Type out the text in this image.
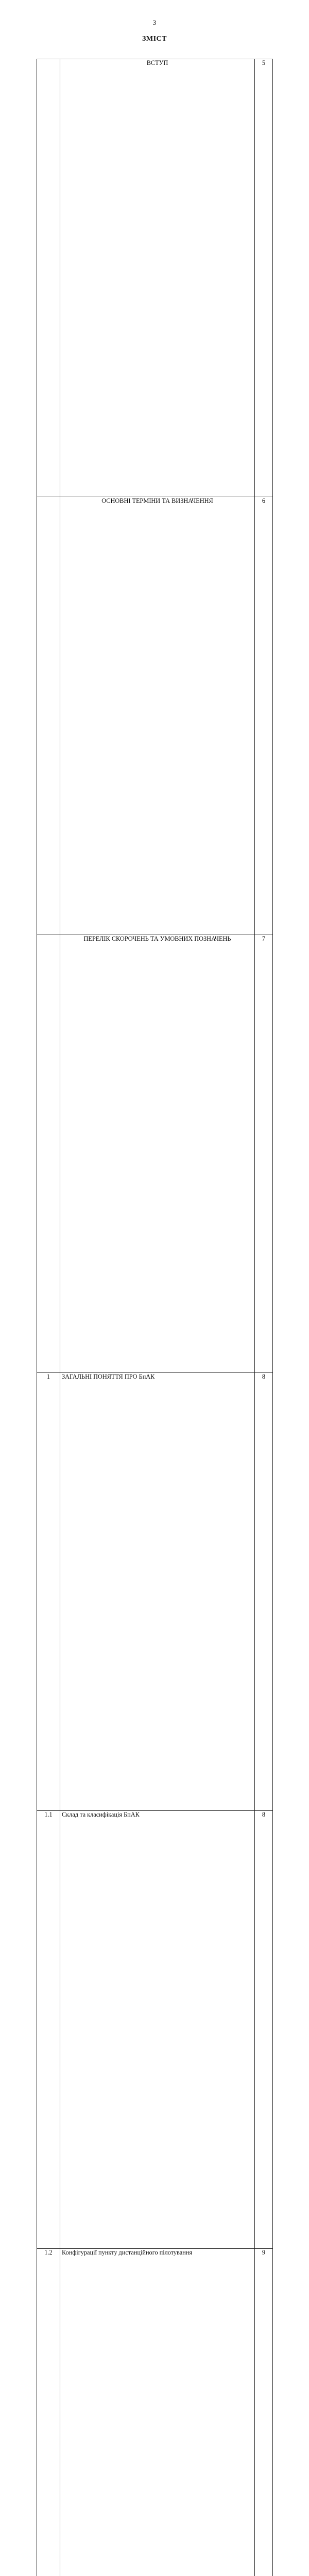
3
ЗМІСТ
	ВСТУП	5
	ОСНОВНІ ТЕРМІНИ ТА ВИЗНАЧЕННЯ	6
	ПЕРЕЛІК СКОРОЧЕНЬ ТА УМОВНИХ ПОЗНАЧЕНЬ	7
1	ЗАГАЛЬНІ ПОНЯТТЯ ПРО БпАК	8
1.1	Склад та класифікація БпАК	8
1.2	Конфігурації пункту дистанційного пілотування	9
